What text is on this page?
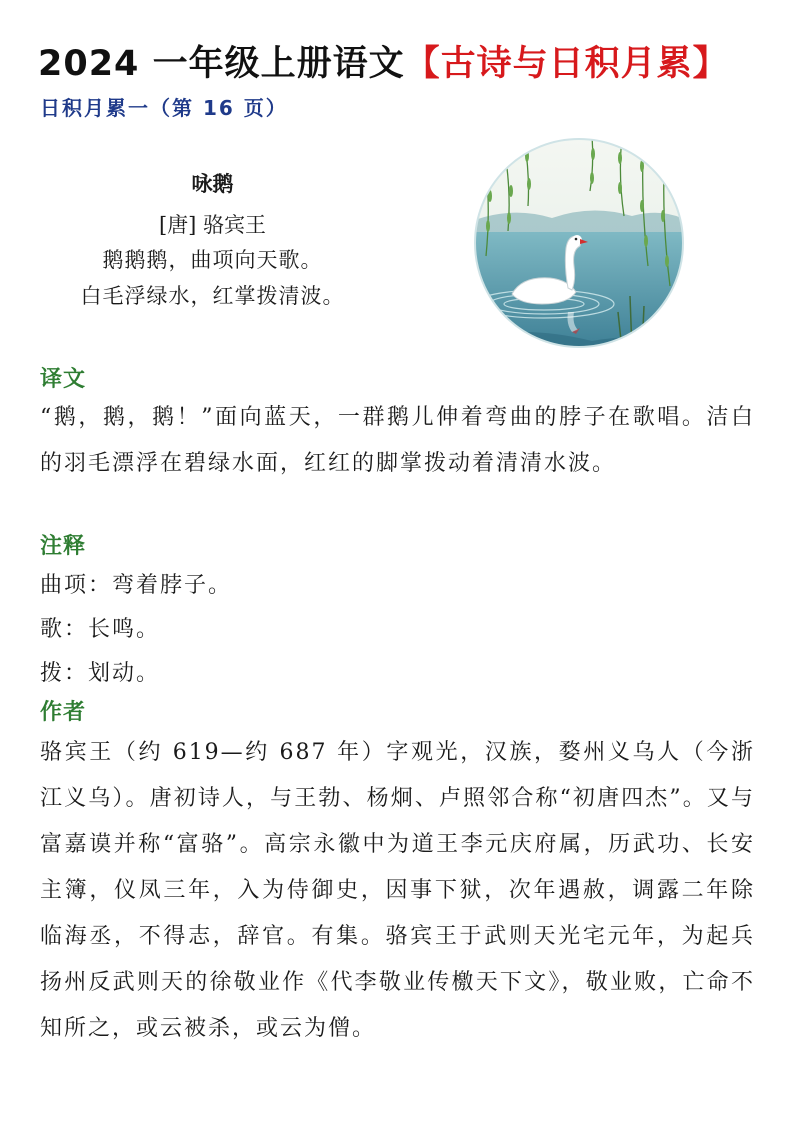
2024 一年级上册语文【古诗与日积月累】
日积月累一（第 16 页）
咏鹅
[唐] 骆宾王
鹅鹅鹅，曲项向天歌。
白毛浮绿水，红掌拨清波。
译文
“鹅，鹅，鹅！”面向蓝天，一群鹅儿伸着弯曲的脖子在歌唱。洁白的羽毛漂浮在碧绿水面，红红的脚掌拨动着清清水波。
注释
曲项：弯着脖子。
歌：长鸣。
拨：划动。
作者
骆宾王（约 619—约 687 年）字观光，汉族，婺州义乌人（今浙江义乌）。唐初诗人，与王勃、杨炯、卢照邻合称“初唐四杰”。又与富嘉谟并称“富骆”。高宗永徽中为道王李元庆府属，历武功、长安主簿，仪凤三年，入为侍御史，因事下狱，次年遇赦，调露二年除临海丞，不得志，辞官。有集。骆宾王于武则天光宅元年，为起兵扬州反武则天的徐敬业作《代李敬业传檄天下文》，敬业败，亡命不知所之，或云被杀，或云为僧。
